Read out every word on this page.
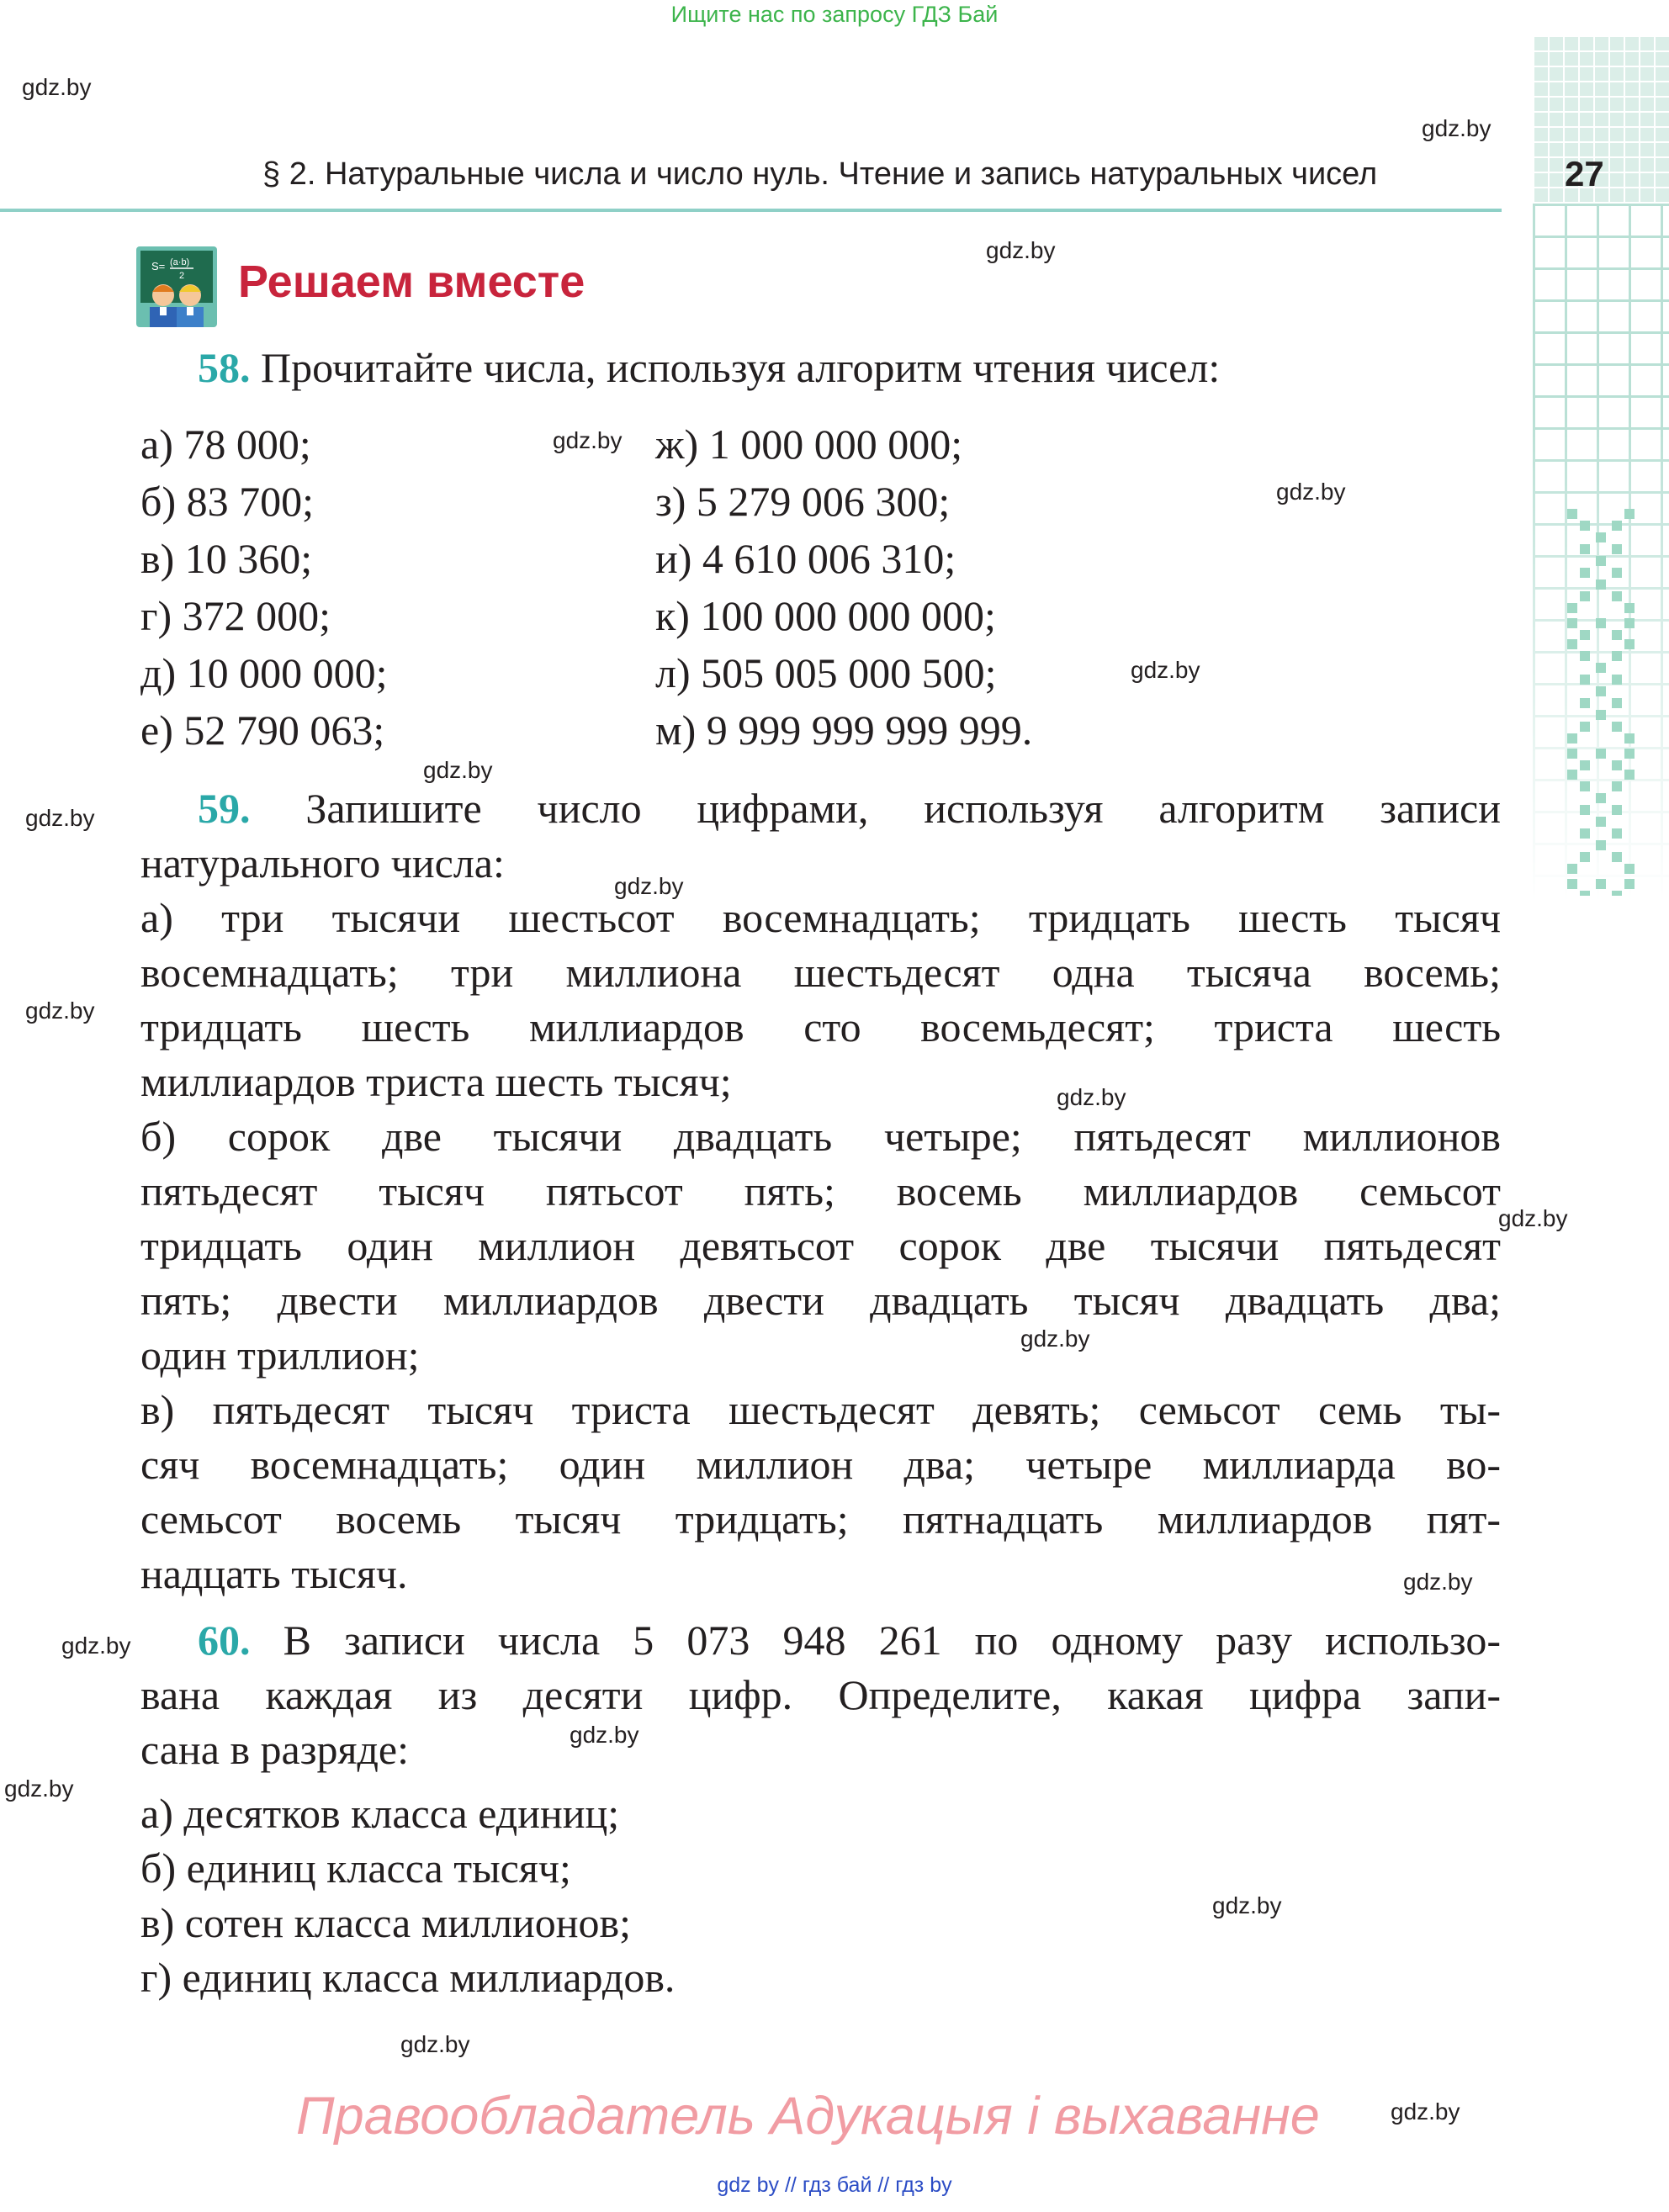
Ищите нас по запросу ГДЗ Бай
§ 2. Натуральные числа и число нуль. Чтение и запись натуральных чисел	27
gdz.by
gdz.by
gdz.by
gdz.by
gdz.by
gdz.by
gdz.by
gdz.by
gdz.by
gdz.by
gdz.by
gdz.by
gdz.by
gdz.by
gdz.by
gdz.by
gdz.by
gdz.by
gdz.by
gdz.by
S= (a·b)
2 Решаем вместе
58. Прочитайте числа, используя алгоритм чтения чисел:
а) 78 000;
б) 83 700;
в) 10 360;
г) 372 000;
д) 10 000 000;
е) 52 790 063;
ж) 1 000 000 000;
з) 5 279 006 300;
и) 4 610 006 310;
к) 100 000 000 000;
л) 505 005 000 500;
м) 9 999 999 999 999.
59. Запишите число цифрами, используя алгоритм записи
натурального числа:
а) три тысячи шестьсот восемнадцать; тридцать шесть тысяч
восемнадцать; три миллиона шестьдесят одна тысяча восемь;
тридцать шесть миллиардов сто восемьдесят; триста шесть
миллиардов триста шесть тысяч;
б) сорок две тысячи двадцать четыре; пятьдесят миллионов
пятьдесят тысяч пятьсот пять; восемь миллиардов семьсот
тридцать один миллион девятьсот сорок две тысячи пятьдесят
пять; двести миллиардов двести двадцать тысяч двадцать два;
один триллион;
в) пятьдесят тысяч триста шестьдесят девять; семьсот семь ты-
сяч восемнадцать; один миллион два; четыре миллиарда во-
семьсот восемь тысяч тридцать; пятнадцать миллиардов пят-
надцать тысяч.
60. В записи числа 5 073 948 261 по одному разу использо-
вана каждая из десяти цифр. Определите, какая цифра запи-
сана в разряде:
а) десятков класса единиц;
б) единиц класса тысяч;
в) сотен класса миллионов;
г) единиц класса миллиардов.
Правообладатель Адукацыя і выхаванне
gdz by // гдз бай // гдз by
